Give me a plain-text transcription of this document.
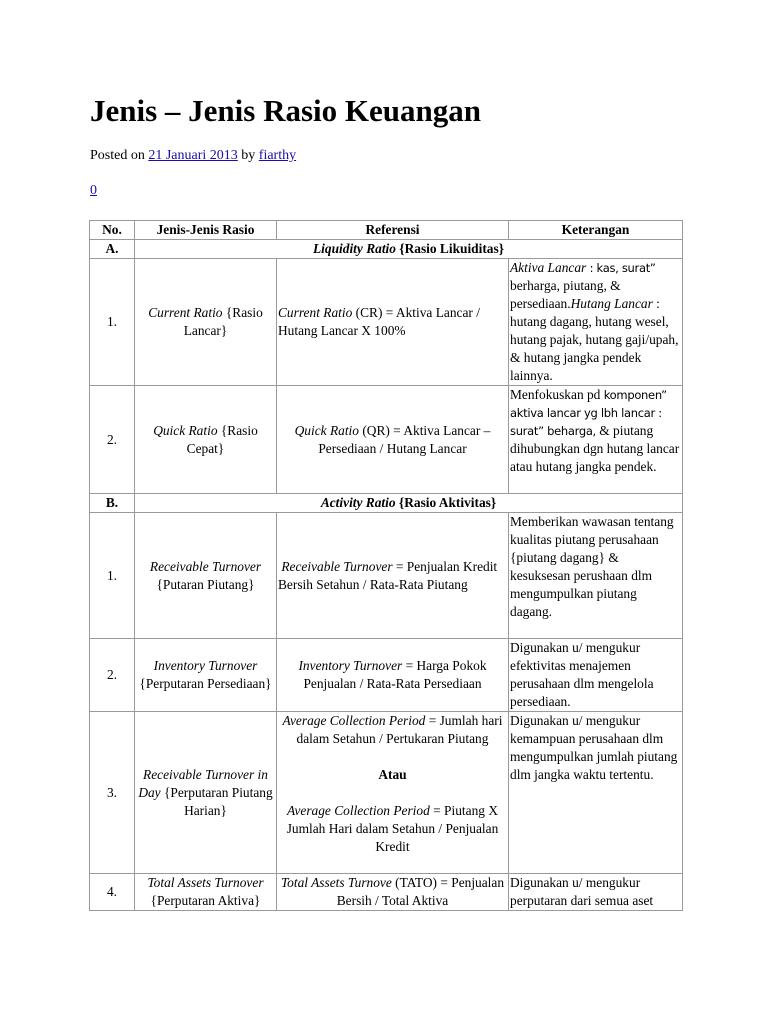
Jenis – Jenis Rasio Keuangan
Posted on 21 Januari 2013 by fiarthy
0
No.	Jenis-Jenis Rasio	Referensi	Keterangan
A.	Liquidity Ratio {Rasio Likuiditas}		
1.	Current Ratio {Rasio Lancar}	Current Ratio (CR) = Aktiva Lancar / Hutang Lancar X 100%	Aktiva Lancar : kas, surat” berharga, piutang, & persediaan.Hutang Lancar : hutang dagang, hutang wesel, hutang pajak, hutang gaji/upah, & hutang jangka pendek lainnya.
2.	Quick Ratio {Rasio Cepat}	Quick Ratio (QR) = Aktiva Lancar – Persediaan / Hutang Lancar	Menfokuskan pd komponen” aktiva lancar yg lbh lancar : surat” beharga, & piutang dihubungkan dgn hutang lancar atau hutang jangka pendek.
B.	Activity Ratio {Rasio Aktivitas}		
1.	Receivable Turnover {Putaran Piutang}	Receivable Turnover = Penjualan Kredit Bersih Setahun / Rata-Rata Piutang	Memberikan wawasan tentang kualitas piutang perusahaan {piutang dagang} & kesuksesan perushaan dlm mengumpulkan piutang dagang.
2.	Inventory Turnover {Perputaran Persediaan}	Inventory Turnover = Harga Pokok Penjualan / Rata-Rata Persediaan	Digunakan u/ mengukur efektivitas menajemen perusahaan dlm mengelola persediaan.
3.	Receivable Turnover in Day {Perputaran Piutang Harian}	Average Collection Period = Jumlah hari dalam Setahun / Pertukaran Piutang
Atau
Average Collection Period = Piutang X Jumlah Hari dalam Setahun / Penjualan Kredit	Digunakan u/ mengukur kemampuan perusahaan dlm mengumpulkan jumlah piutang dlm jangka waktu tertentu.
4.	Total Assets Turnover {Perputaran Aktiva}	Total Assets Turnove (TATO) = Penjualan Bersih / Total Aktiva	Digunakan u/ mengukur perputaran dari semua aset
